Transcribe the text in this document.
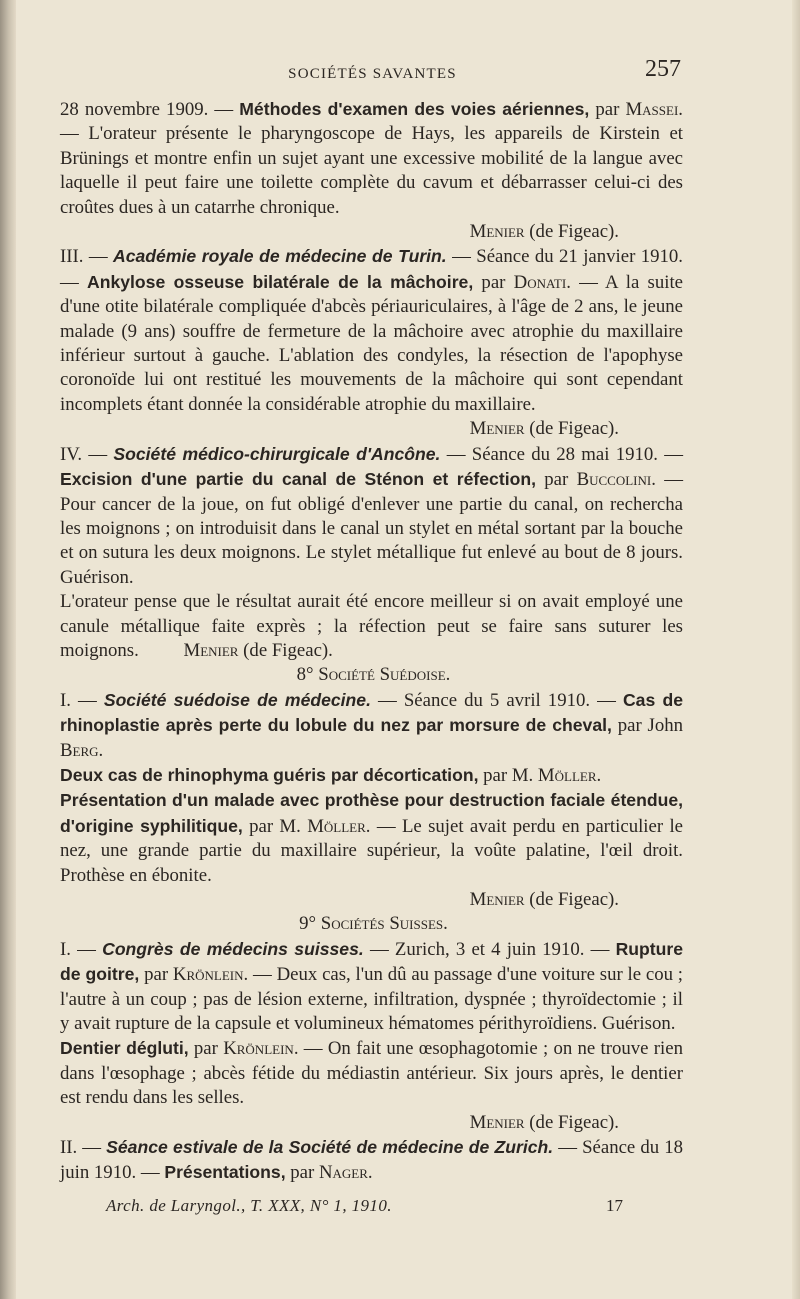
SOCIÉTÉS SAVANTES	257

28 novembre 1909. — Méthodes d'examen des voies aériennes, par Massei. — L'orateur présente le pharyngoscope de Hays, les appareils de Kirstein et Brünings et montre enfin un sujet ayant une excessive mobilité de la langue avec laquelle il peut faire une toilette complète du cavum et débarrasser celui-ci des croûtes dues à un catarrhe chronique.

Menier (de Figeac).

III. — Académie royale de médecine de Turin. — Séance du 21 janvier 1910. — Ankylose osseuse bilatérale de la mâchoire, par Donati. — A la suite d'une otite bilatérale compliquée d'abcès périauriculaires, à l'âge de 2 ans, le jeune malade (9 ans) souffre de fermeture de la mâchoire avec atrophie du maxillaire inférieur surtout à gauche. L'ablation des condyles, la résection de l'apophyse coronoïde lui ont restitué les mouvements de la mâchoire qui sont cependant incomplets étant donnée la considérable atrophie du maxillaire.

Menier (de Figeac).

IV. — Société médico-chirurgicale d'Ancône. — Séance du 28 mai 1910. — Excision d'une partie du canal de Sténon et réfection, par Buccolini. — Pour cancer de la joue, on fut obligé d'enlever une partie du canal, on rechercha les moignons ; on introduisit dans le canal un stylet en métal sortant par la bouche et on sutura les deux moignons. Le stylet métallique fut enlevé au bout de 8 jours. Guérison.

L'orateur pense que le résultat aurait été encore meilleur si on avait employé une canule métallique faite exprès ; la réfection peut se faire sans suturer les moignons. Menier (de Figeac).

8° Société Suédoise.

I. — Société suédoise de médecine. — Séance du 5 avril 1910. — Cas de rhinoplastie après perte du lobule du nez par morsure de cheval, par John Berg.

Deux cas de rhinophyma guéris par décortication, par M. Möller.

Présentation d'un malade avec prothèse pour destruction faciale étendue, d'origine syphilitique, par M. Möller. — Le sujet avait perdu en particulier le nez, une grande partie du maxillaire supérieur, la voûte palatine, l'œil droit. Prothèse en ébonite.

Menier (de Figeac).

9° Sociétés Suisses.

I. — Congrès de médecins suisses. — Zurich, 3 et 4 juin 1910. — Rupture de goitre, par Krönlein. — Deux cas, l'un dû au passage d'une voiture sur le cou ; l'autre à un coup ; pas de lésion externe, infiltration, dyspnée ; thyroïdectomie ; il y avait rupture de la capsule et volumineux hématomes périthyroïdiens. Guérison.

Dentier dégluti, par Krönlein. — On fait une œsophagotomie ; on ne trouve rien dans l'œsophage ; abcès fétide du médiastin antérieur. Six jours après, le dentier est rendu dans les selles.

Menier (de Figeac).

II. — Séance estivale de la Société de médecine de Zurich. — Séance du 18 juin 1910. — Présentations, par Nager.

Arch. de Laryngol., T. XXX, N° 1, 1910.	17
